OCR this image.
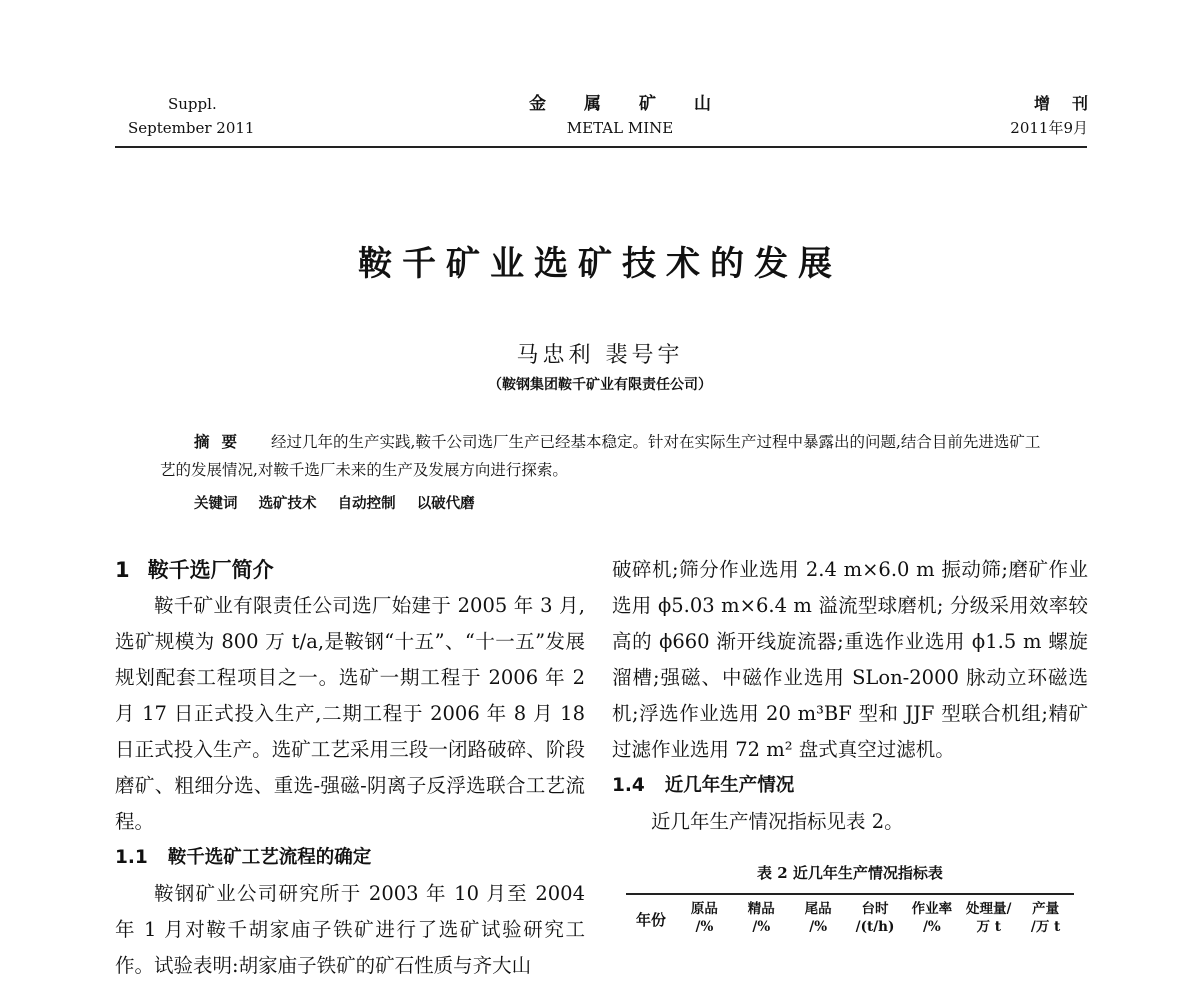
Suppl.
September 2011
金属矿山
METAL MINE
增刊
2011年9月
鞍千矿业选矿技术的发展
马忠利 裴号宇
（鞍钢集团鞍千矿业有限责任公司）
摘要 经过几年的生产实践,鞍千公司选厂生产已经基本稳定。针对在实际生产过程中暴露出的问题,结合目前先进选矿工艺的发展情况,对鞍千选厂未来的生产及发展方向进行探索。
关键词 选矿技术 自动控制 以破代磨
1 鞍千选厂简介

鞍千矿业有限责任公司选厂始建于 2005 年 3 月,选矿规模为 800 万 t/a,是鞍钢“十五”、“十一五”发展规划配套工程项目之一。选矿一期工程于 2006 年 2 月 17 日正式投入生产,二期工程于 2006 年 8 月 18 日正式投入生产。选矿工艺采用三段一闭路破碎、阶段磨矿、粗细分选、重选-强磁-阴离子反浮选联合工艺流程。

1.1 鞍千选矿工艺流程的确定

鞍钢矿业公司研究所于 2003 年 10 月至 2004 年 1 月对鞍千胡家庙子铁矿进行了选矿试验研究工作。试验表明:胡家庙子铁矿的矿石性质与齐大山

破碎机;筛分作业选用 2.4 m×6.0 m 振动筛;磨矿作业选用 ϕ5.03 m×6.4 m 溢流型球磨机; 分级采用效率较高的 ϕ660 渐开线旋流器;重选作业选用 ϕ1.5 m 螺旋溜槽;强磁、中磁作业选用 SLon-2000 脉动立环磁选机;浮选作业选用 20 m³BF 型和 JJF 型联合机组;精矿过滤作业选用 72 m² 盘式真空过滤机。

1.4 近几年生产情况

近几年生产情况指标见表 2。

表 2 近几年生产情况指标表
年份
原品
/%
精品
/%
尾品
/%
台时
/(t/h)
作业率
/%
处理量/
万 t
产量
/万 t
